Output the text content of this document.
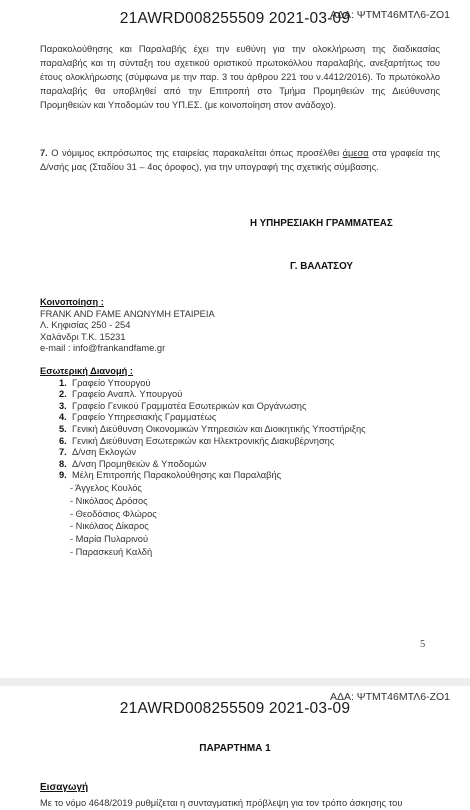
ΑΔΑ: ΨΤΜΤ46ΜΤΛ6-ΖΟ1
21AWRD008255509 2021-03-09
Παρακολούθησης και Παραλαβής έχει την ευθύνη για την ολοκλήρωση της διαδικασίας παραλαβής και τη σύνταξη του σχετικού οριστικού πρωτοκόλλου παραλαβής, ανεξαρτήτως του έτους ολοκλήρωσης (σύμφωνα με την παρ. 3 του άρθρου 221 του ν.4412/2016). Το πρωτόκολλο παραλαβής θα υποβληθεί από την Επιτροπή στο Τμήμα Προμηθειών της Διεύθυνσης Προμηθειών και Υποδομών του ΥΠ.ΕΣ. (με κοινοποίηση στον ανάδοχο).
7. Ο νόμιμος εκπρόσωπος της εταιρείας παρακαλείται όπως προσέλθει άμεσα στα γραφεία της Δ/νσής μας (Σταδίου 31 – 4ος όροφος), για την υπογραφή της σχετικής σύμβασης.
Η ΥΠΗΡΕΣΙΑΚΗ ΓΡΑΜΜΑΤΕΑΣ
Γ. ΒΑΛΑΤΣΟΥ
Κοινοποίηση :
FRANK AND FAME ΑΝΩΝΥΜΗ ΕΤΑΙΡΕΙΑ
Λ. Κηφισίας 250 - 254
Χαλάνδρι Τ.Κ. 15231
e-mail : info@frankandfame.gr
Εσωτερική Διανομή :
1. Γραφείο Υπουργού
2. Γραφείο Αναπλ. Υπουργού
3. Γραφείο Γενικού Γραμματέα Εσωτερικών και Οργάνωσης
4. Γραφείο Υπηρεσιακής Γραμματέως
5. Γενική Διεύθυνση Οικονομικών Υπηρεσιών και Διοικητικής Υποστήριξης
6. Γενική Διεύθυνση Εσωτερικών και Ηλεκτρονικής Διακυβέρνησης
7. Δ/νση Εκλογών
8. Δ/νση Προμηθειών & Υποδομών
9. Μέλη Επιτροπής Παρακολούθησης και Παραλαβής
- Άγγελος Κουλός
- Νικόλαος Δρόσος
- Θεοδόσιος Φλώρος
- Νικόλαος Δίκαρος
- Μαρία Πυλαρινού
- Παρασκευή Καλδή
5
ΑΔΑ: ΨΤΜΤ46ΜΤΛ6-ΖΟ1
21AWRD008255509 2021-03-09
ΠΑΡΑΡΤΗΜΑ 1
Εισαγωγή
Με το νόμο 4648/2019 ρυθμίζεται η συνταγματική πρόβλεψη για τον τρόπο άσκησης του
